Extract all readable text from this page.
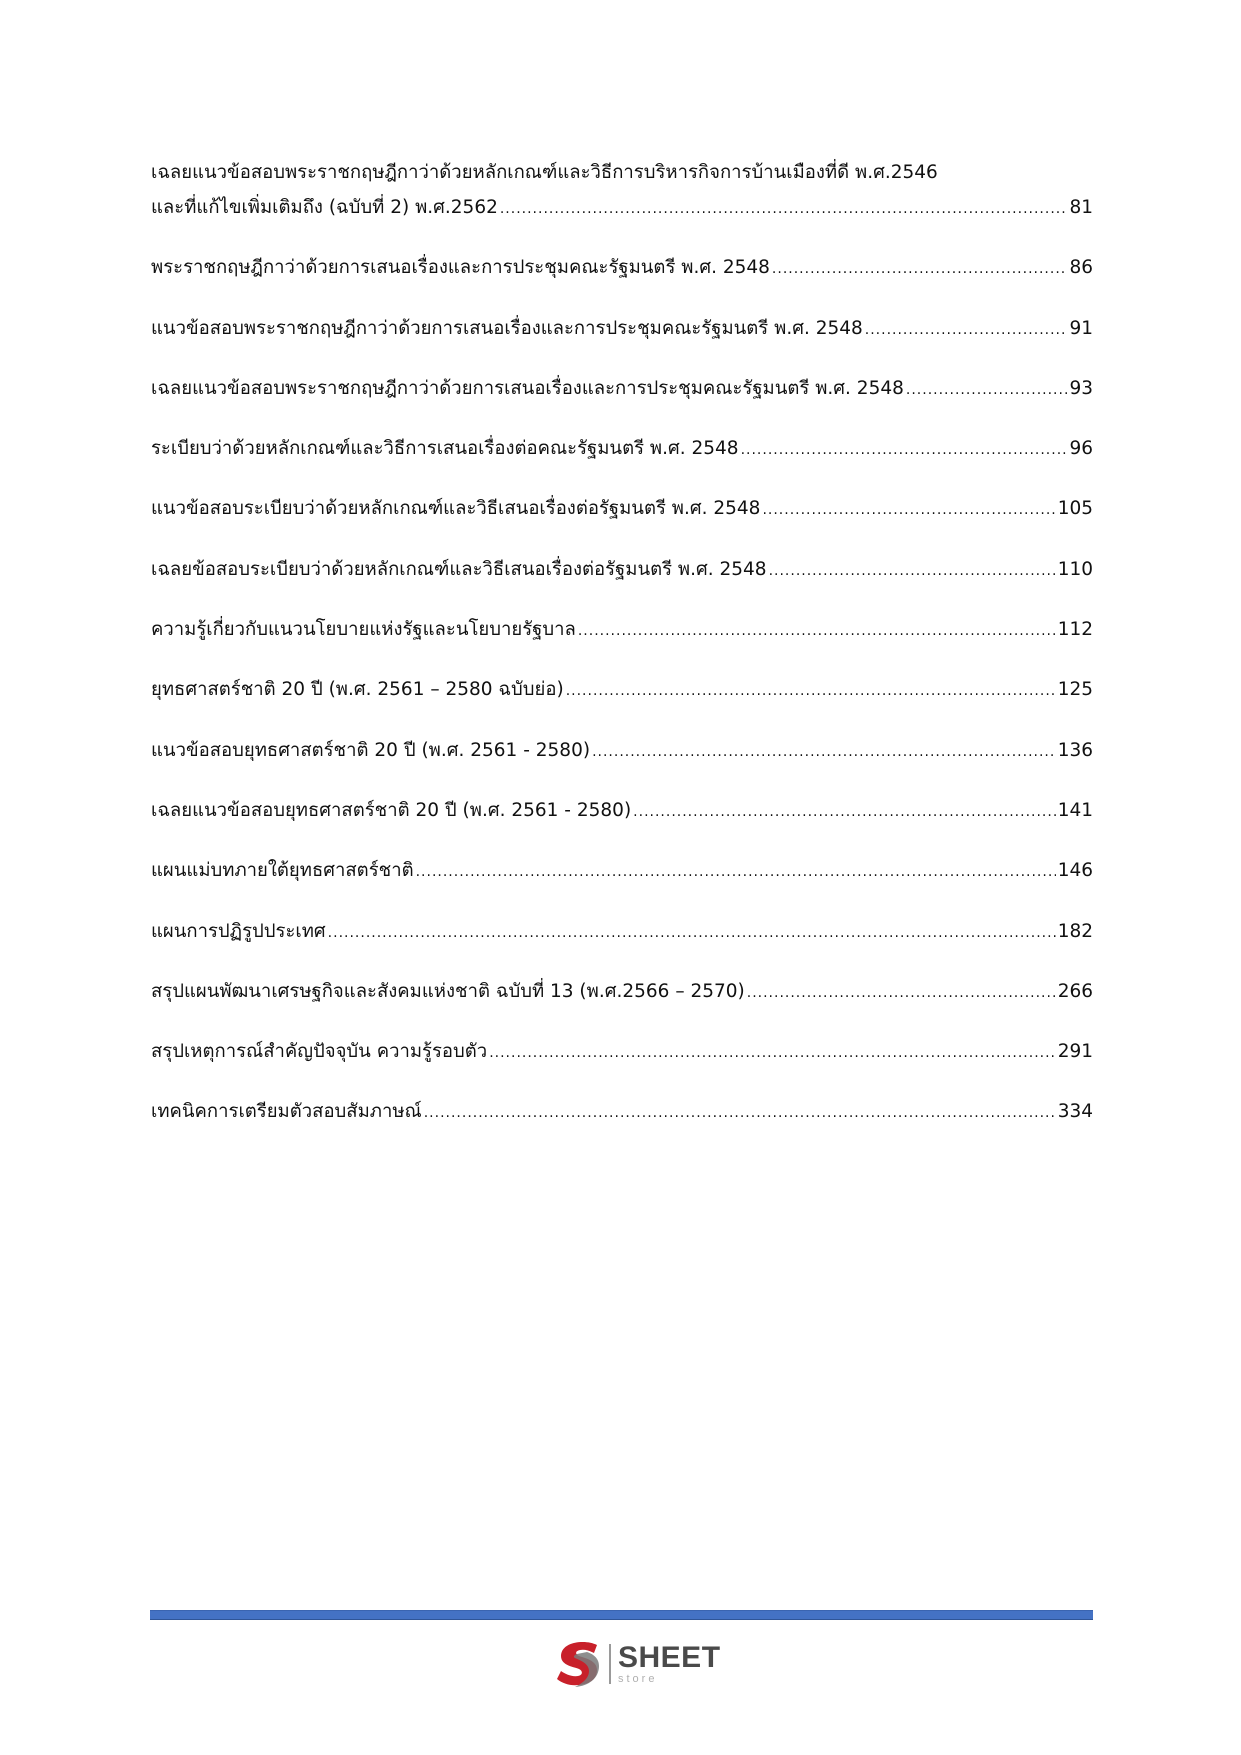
เฉลยแนวข้อสอบพระราชกฤษฎีกาว่าด้วยหลักเกณฑ์และวิธีการบริหารกิจการบ้านเมืองที่ดี พ.ศ.2546
และที่แก้ไขเพิ่มเติมถึง (ฉบับที่ 2) พ.ศ.2562 .....	81
พระราชกฤษฎีกาว่าด้วยการเสนอเรื่องและการประชุมคณะรัฐมนตรี พ.ศ. 2548 .....	86
แนวข้อสอบพระราชกฤษฎีกาว่าด้วยการเสนอเรื่องและการประชุมคณะรัฐมนตรี พ.ศ. 2548 .....	91
เฉลยแนวข้อสอบพระราชกฤษฎีกาว่าด้วยการเสนอเรื่องและการประชุมคณะรัฐมนตรี พ.ศ. 2548 .....	93
ระเบียบว่าด้วยหลักเกณฑ์และวิธีการเสนอเรื่องต่อคณะรัฐมนตรี พ.ศ. 2548 .....	96
แนวข้อสอบระเบียบว่าด้วยหลักเกณฑ์และวิธีเสนอเรื่องต่อรัฐมนตรี พ.ศ. 2548 .....	105
เฉลยข้อสอบระเบียบว่าด้วยหลักเกณฑ์และวิธีเสนอเรื่องต่อรัฐมนตรี พ.ศ. 2548 .....	110
ความรู้เกี่ยวกับแนวนโยบายแห่งรัฐและนโยบายรัฐบาล .....	112
ยุทธศาสตร์ชาติ 20 ปี (พ.ศ. 2561 – 2580 ฉบับย่อ) .....	125
แนวข้อสอบยุทธศาสตร์ชาติ 20 ปี (พ.ศ. 2561 - 2580) .....	136
เฉลยแนวข้อสอบยุทธศาสตร์ชาติ 20 ปี (พ.ศ. 2561 - 2580) .....	141
แผนแม่บทภายใต้ยุทธศาสตร์ชาติ .....	146
แผนการปฏิรูปประเทศ .....	182
สรุปแผนพัฒนาเศรษฐกิจและสังคมแห่งชาติ ฉบับที่ 13 (พ.ศ.2566 – 2570) .....	266
สรุปเหตุการณ์สำคัญปัจจุบัน ความรู้รอบตัว .....	291
เทคนิคการเตรียมตัวสอบสัมภาษณ์ .....	334
SHEET
store
